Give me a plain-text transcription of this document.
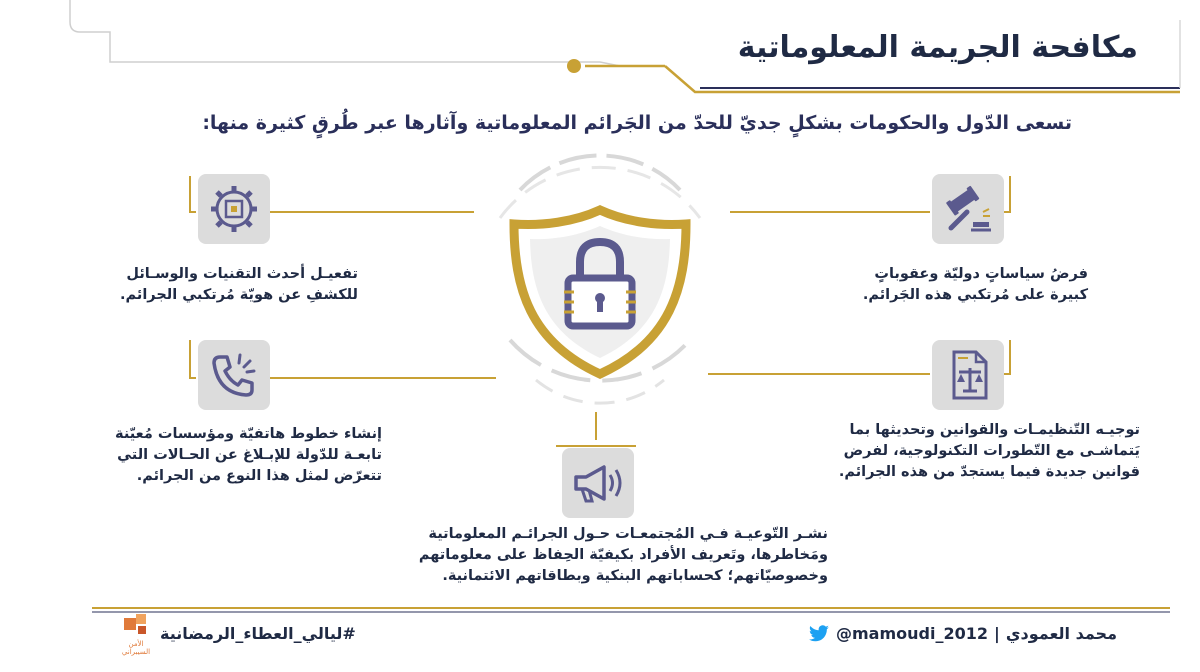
مكافحة الجريمة المعلوماتية
تسعى الدّول والحكومات بشكلٍ جديّ للحدّ من الجَرائم المعلوماتية وآثارها عبر طُرقٍ كثيرة منها:
تفعيـل أحدث التقنيات والوسـائل
للكشفِ عن هويّة مُرتكبي الجرائم.
فرضُ سياساتٍ دوليّة وعقوباتٍ
كبيرة على مُرتكبي هذه الجَرائم.
إنشاء خطوط هاتفيّة ومؤسسات مُعيّنة
تابعـة للدّولة للإبـلاغ عن الحـالات التي
تتعرّض لمثل هذا النوع من الجرائم.
توجيـه التّنظيمـات والقوانين وتحديثها بما
يَتماشـى مع التّطورات التكنولوجية، لفرض
قوانين جديدة فيما يستجدّ من هذه الجرائم.
نشـر التّوعيـة فـي المُجتمعـات حـول الجرائـم المعلوماتية
ومَخاطرها، وتَعريف الأفراد بكيفيّة الحِفاظ على معلوماتهم
وخصوصيّاتهم؛ كحساباتهم البنكية وبطاقاتهم الائتمانية.
@mamoudi_2012 | محمد العمودي
#ليالي_العطاء_الرمضانية
الأمن السيبراني
